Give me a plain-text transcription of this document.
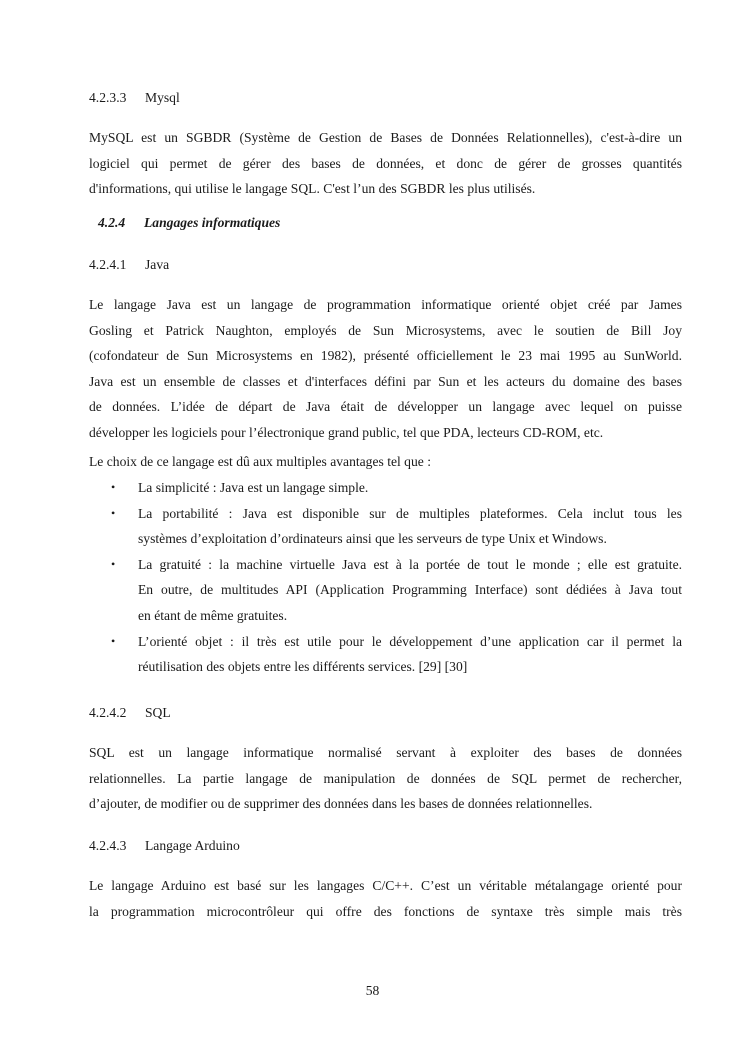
4.2.3.3 Mysql
MySQL est un SGBDR (Système de Gestion de Bases de Données Relationnelles), c'est-à-dire un
logiciel qui permet de gérer des bases de données, et donc de gérer de grosses quantités
d'informations, qui utilise le langage SQL. C'est l’un des SGBDR les plus utilisés.
4.2.4 Langages informatiques
4.2.4.1 Java
Le langage Java est un langage de programmation informatique orienté objet créé par James
Gosling et Patrick Naughton, employés de Sun Microsystems, avec le soutien de Bill Joy
(cofondateur de Sun Microsystems en 1982), présenté officiellement le 23 mai 1995 au SunWorld.
Java est un ensemble de classes et d'interfaces défini par Sun et les acteurs du domaine des bases
de données. L’idée de départ de Java était de développer un langage avec lequel on puisse
développer les logiciels pour l’électronique grand public, tel que PDA, lecteurs CD-ROM, etc.
Le choix de ce langage est dû aux multiples avantages tel que :
• La simplicité : Java est un langage simple.
• La portabilité : Java est disponible sur de multiples plateformes. Cela inclut tous les
systèmes d’exploitation d’ordinateurs ainsi que les serveurs de type Unix et Windows.
• La gratuité : la machine virtuelle Java est à la portée de tout le monde ; elle est gratuite.
En outre, de multitudes API (Application Programming Interface) sont dédiées à Java tout
en étant de même gratuites.
• L’orienté objet : il très est utile pour le développement d’une application car il permet la
réutilisation des objets entre les différents services. [29] [30]
4.2.4.2 SQL
SQL est un langage informatique normalisé servant à exploiter des bases de données
relationnelles. La partie langage de manipulation de données de SQL permet de rechercher,
d’ajouter, de modifier ou de supprimer des données dans les bases de données relationnelles.
4.2.4.3 Langage Arduino
Le langage Arduino est basé sur les langages C/C++. C’est un véritable métalangage orienté pour
la programmation microcontrôleur qui offre des fonctions de syntaxe très simple mais très
58
